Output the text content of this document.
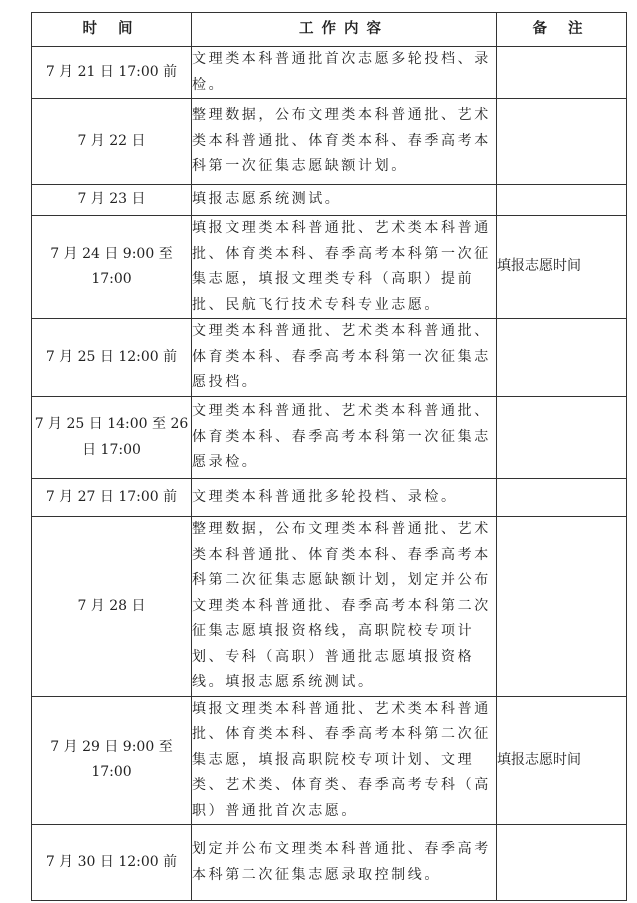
时 间	工作内容	备 注
7 月 21 日 17:00 前	文理类本科普通批首次志愿多轮投档、录检。	

7 月 22 日	整理数据，公布文理类本科普通批、艺术类本科普通批、体育类本科、春季高考本科第一次征集志愿缺额计划。	

7 月 23 日	填报志愿系统测试。	

7 月 24 日 9:00 至 17:00	填报文理类本科普通批、艺术类本科普通批、体育类本科、春季高考本科第一次征集志愿，填报文理类专科（高职）提前批、民航飞行技术专科专业志愿。	填报志愿时间
7 月 25 日 12:00 前	文理类本科普通批、艺术类本科普通批、体育类本科、春季高考本科第一次征集志愿投档。	

7 月 25 日 14:00 至 26 日 17:00	文理类本科普通批、艺术类本科普通批、体育类本科、春季高考本科第一次征集志愿录检。	

7 月 27 日 17:00 前	文理类本科普通批多轮投档、录检。	

7 月 28 日	整理数据，公布文理类本科普通批、艺术类本科普通批、体育类本科、春季高考本科第二次征集志愿缺额计划，划定并公布文理类本科普通批、春季高考本科第二次征集志愿填报资格线，高职院校专项计划、专科（高职）普通批志愿填报资格线。填报志愿系统测试。	

7 月 29 日 9:00 至 17:00	填报文理类本科普通批、艺术类本科普通批、体育类本科、春季高考本科第二次征集志愿，填报高职院校专项计划、文理类、艺术类、体育类、春季高考专科（高职）普通批首次志愿。	填报志愿时间
7 月 30 日 12:00 前	划定并公布文理类本科普通批、春季高考本科第二次征集志愿录取控制线。	
